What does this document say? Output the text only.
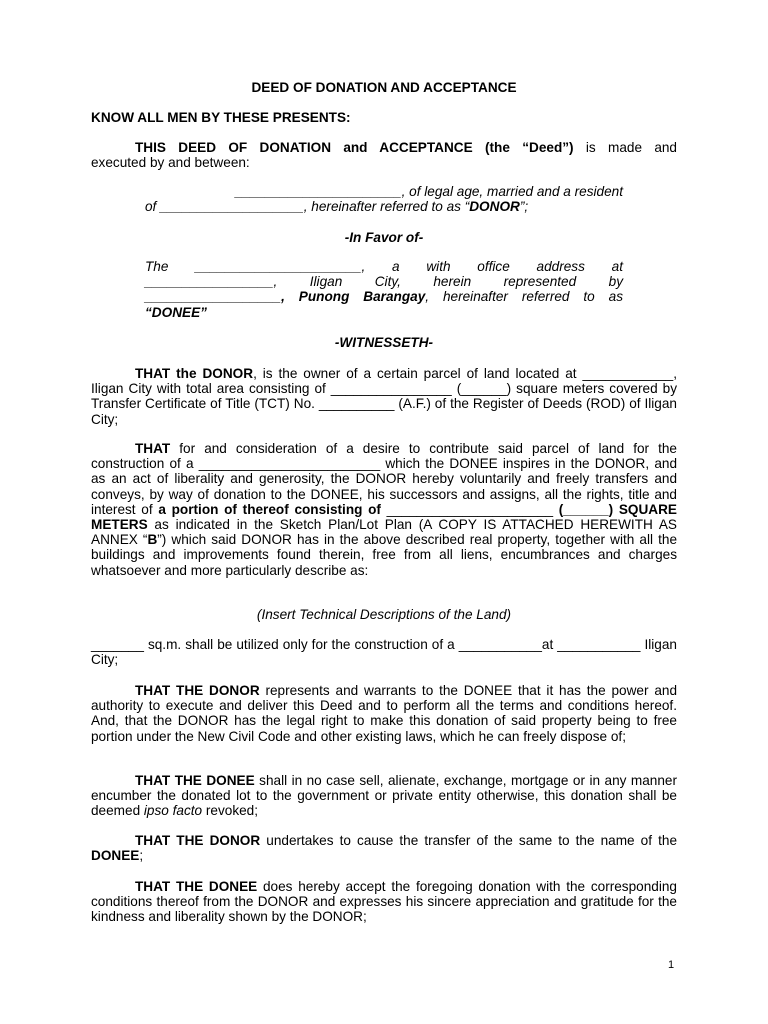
DEED OF DONATION AND ACCEPTANCE
KNOW ALL MEN BY THESE PRESENTS:
THIS DEED OF DONATION and ACCEPTANCE (the “Deed”) is made and
executed by and between:
______________________, of legal age, married and a resident
of ___________________, hereinafter referred to as “DONOR”;
-In Favor of-
The ______________________, a with office address at
_________________, Iligan City, herein represented by
__________________, Punong Barangay, hereinafter referred to as
“DONEE”
-WITNESSETH-
THAT the DONOR, is the owner of a certain parcel of land located at ____________, Iligan City with total area consisting of ________________ (______) square meters covered by Transfer Certificate of Title (TCT) No. __________ (A.F.) of the Register of Deeds (ROD) of Iligan City;
THAT for and consideration of a desire to contribute said parcel of land for the construction of a ________________________ which the DONEE inspires in the DONOR, and as an act of liberality and generosity, the DONOR hereby voluntarily and freely transfers and conveys, by way of donation to the DONEE, his successors and assigns, all the rights, title and interest of a portion of thereof consisting of ______________________ (______) SQUARE METERS as indicated in the Sketch Plan/Lot Plan (A COPY IS ATTACHED HEREWITH AS ANNEX “B”) which said DONOR has in the above described real property, together with all the buildings and improvements found therein, free from all liens, encumbrances and charges whatsoever and more particularly describe as:
(Insert Technical Descriptions of the Land)
_______ sq.m. shall be utilized only for the construction of a ___________at ___________ Iligan City;
THAT THE DONOR represents and warrants to the DONEE that it has the power and authority to execute and deliver this Deed and to perform all the terms and conditions hereof. And, that the DONOR has the legal right to make this donation of said property being to free portion under the New Civil Code and other existing laws, which he can freely dispose of;
THAT THE DONEE shall in no case sell, alienate, exchange, mortgage or in any manner encumber the donated lot to the government or private entity otherwise, this donation shall be deemed ipso facto revoked;
THAT THE DONOR undertakes to cause the transfer of the same to the name of the DONEE;
THAT THE DONEE does hereby accept the foregoing donation with the corresponding conditions thereof from the DONOR and expresses his sincere appreciation and gratitude for the kindness and liberality shown by the DONOR;
1
